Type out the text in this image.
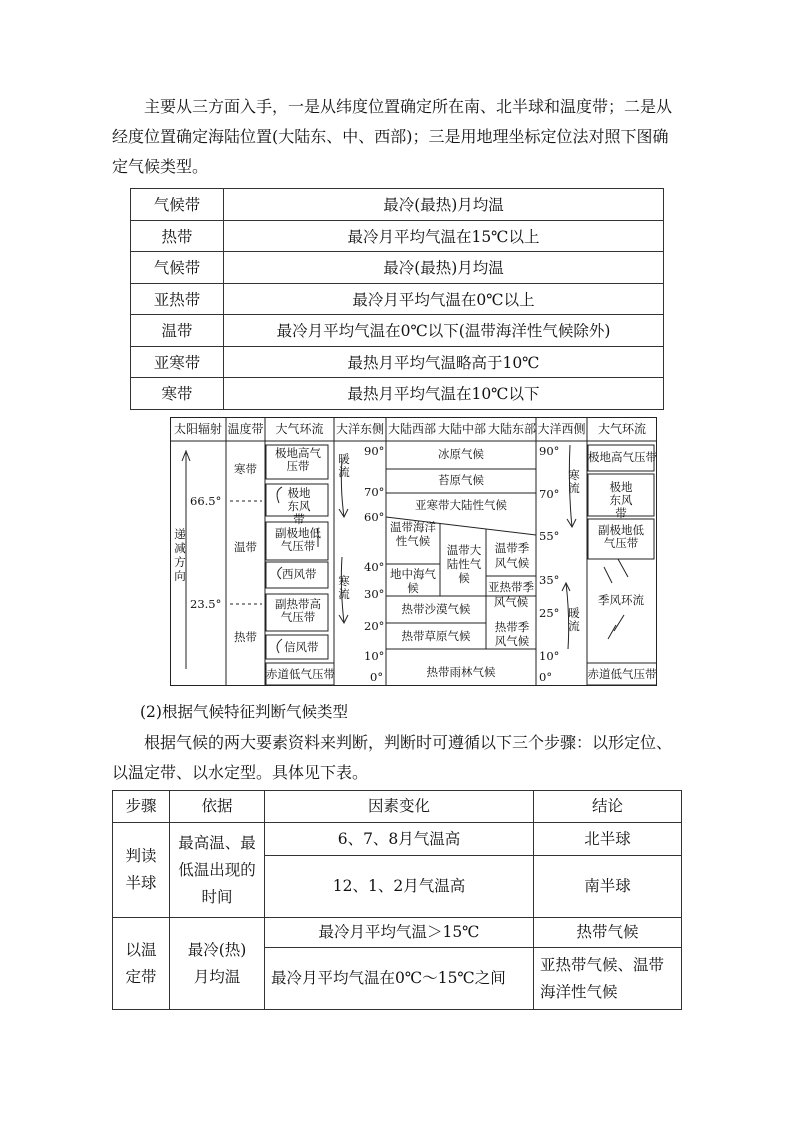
主要从三方面入手，一是从纬度位置确定所在南、北半球和温度带；二是从经度位置确定海陆位置(大陆东、中、西部)；三是用地理坐标定位法对照下图确定气候类型。
气候带	最冷(最热)月均温
热带	最冷月平均气温在15℃以上
气候带	最冷(最热)月均温
亚热带	最冷月平均气温在0℃以上
温带	最冷月平均气温在0℃以下(温带海洋性气候除外)
亚寒带	最热月平均气温略高于10℃
寒带	最热月平均气温在10℃以下
太阳辐射 温度带 大气环流	大洋东侧 大陆西部 大陆中部 大陆东部 大洋西侧	大气环流
递减方向
66.5°
23.5°
寒带
温带
热带
极地高气压带
极地东风带
副极地低气压带
西风带
副热带高气压带
信风带
赤道低气压带
暖流
寒流
寒流
暖流
90°
70°
60°
40°
30°
20°
10°
0°
90°
70°
55°
35°
25°
10°
0°
冰原气候
苔原气候
亚寒带大陆性气候
温带海洋性气候
地中海气候
温带大陆性气候
温带季风气候
亚热带季风气候
热带沙漠气候
热带草原气候
热带季风气候
热带雨林气候
极地高气压带
极地东风带
副极地低气压带
季风环流
赤道低气压带
(2)根据气候特征判断气候类型
根据气候的两大要素资料来判断，判断时可遵循以下三个步骤：以形定位、以温定带、以水定型。具体见下表。
步骤	依据	因素变化	结论
判读半球	最高温、最低温出现的时间	6、7、8月气温高	北半球
		12、1、2月气温高	南半球
以温定带	最冷(热)月均温	最冷月平均气温＞15℃	热带气候
		最冷月平均气温在0℃～15℃之间	亚热带气候、温带海洋性气候
